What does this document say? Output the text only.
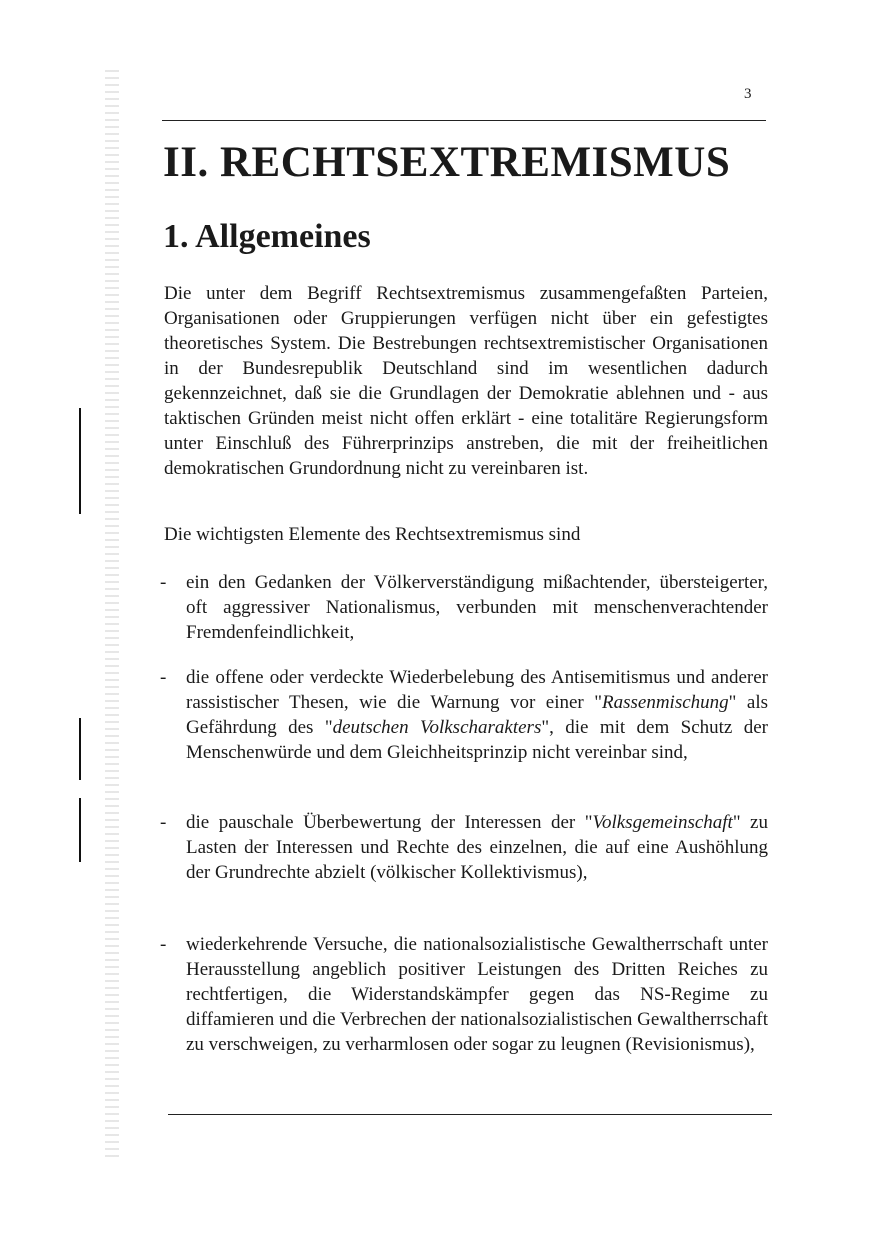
3
II. RECHTSEXTREMISMUS
1. Allgemeines

Die unter dem Begriff Rechtsextremismus zusammengefaßten Parteien, Organisationen oder Gruppierungen verfügen nicht über ein gefestigtes theoretisches System. Die Bestrebungen rechtsextremistischer Organisationen in der Bundesrepublik Deutschland sind im wesentlichen dadurch gekennzeichnet, daß sie die Grundlagen der Demokratie ablehnen und - aus taktischen Gründen meist nicht offen erklärt - eine totalitäre Regierungsform unter Einschluß des Führerprinzips anstreben, die mit der freiheitlichen demokratischen Grundordnung nicht zu vereinbaren ist.

Die wichtigsten Elemente des Rechtsextremismus sind

-	ein den Gedanken der Völkerverständigung mißachtender, übersteigerter, oft aggressiver Nationalismus, verbunden mit menschenverachtender Fremdenfeindlichkeit,

-	die offene oder verdeckte Wiederbelebung des Antisemitismus und anderer rassistischer Thesen, wie die Warnung vor einer "Rassenmischung" als Gefährdung des "deutschen Volkscharakters", die mit dem Schutz der Menschenwürde und dem Gleichheitsprinzip nicht vereinbar sind,

-	die pauschale Überbewertung der Interessen der "Volksgemeinschaft" zu Lasten der Interessen und Rechte des einzelnen, die auf eine Aushöhlung der Grundrechte abzielt (völkischer Kollektivismus),

-	wiederkehrende Versuche, die nationalsozialistische Gewaltherrschaft unter Herausstellung angeblich positiver Leistungen des Dritten Reiches zu rechtfertigen, die Widerstandskämpfer gegen das NS-Regime zu diffamieren und die Verbrechen der nationalsozialistischen Gewaltherrschaft zu verschweigen, zu verharmlosen oder sogar zu leugnen (Revisionismus),
